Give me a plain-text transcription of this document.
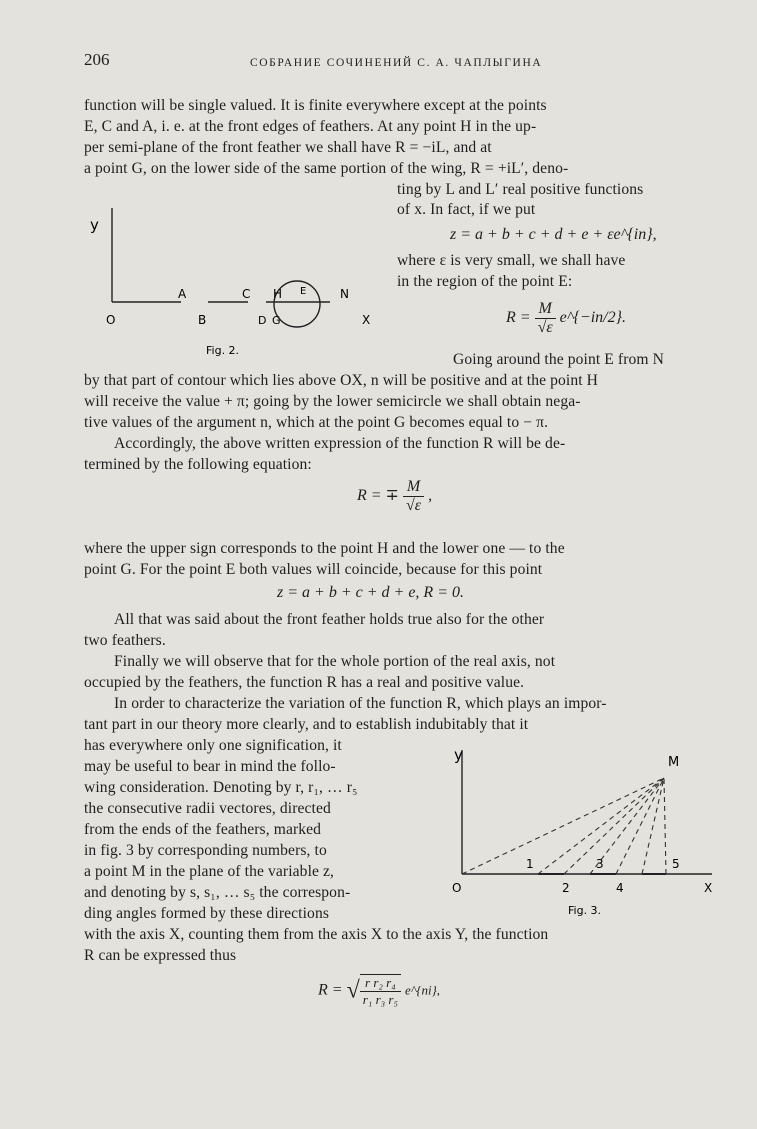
206	СОБРАНИЕ СОЧИНЕНИЙ С. А. ЧАПЛЫГИНА
function will be single valued. It is finite everywhere except at the points
E, C and A, i. e. at the front edges of feathers. At any point H in the up-
per semi-plane of the front feather we shall have R = −iL, and at
a point G, on the lower side of the same portion of the wing, R = +iL′, deno-
y
O
A
B
C
D
H
G
E	N
X
Fig. 2.
ting by L and L′ real positive functions
of x. In fact, if we put
z = a + b + c + d + e + εe^{in},
where ε is very small, we shall have
in the region of the point E:
$R = \frac{M}{√\varepsilon}$ e^{−in/2}.
Going around the point E from N
by that part of contour which lies above OX, n will be positive and at the point H
will receive the value + π; going by the lower semicircle we shall obtain nega-
tive values of the argument n, which at the point G becomes equal to − π.
Accordingly, the above written expression of the function R will be de-
termined by the following equation:
R = ∓ $\frac{M}{√\varepsilon}$ ,
where the upper sign corresponds to the point H and the lower one — to the
point G. For the point E both values will coincide, because for this point
z = a + b + c + d + e, R = 0.
All that was said about the front feather holds true also for the other
two feathers.
Finally we will observe that for the whole portion of the real axis, not
occupied by the feathers, the function R has a real and positive value.
In order to characterize the variation of the function R, which plays an impor-
tant part in our theory more clearly, and to establish indubitably that it
has everywhere only one signification, it
may be useful to bear in mind the follo-
wing consideration. Denoting by r, r₁, … r₅
the consecutive radii vectores, directed
from the ends of the feathers, marked
in fig. 3 by corresponding numbers, to
a point M in the plane of the variable z,
and denoting by s, s₁, … s₅ the correspon-
ding angles formed by these directions
y	M
O	X
1
2
3
4
5
Fig. 3.
with the axis X, counting them from the axis X to the axis Y, the function
R can be expressed thus
R = √ $\frac{\text{r r₂ r₄}}{\text{r₁ r₃ r₅}}$ e^{ni},
